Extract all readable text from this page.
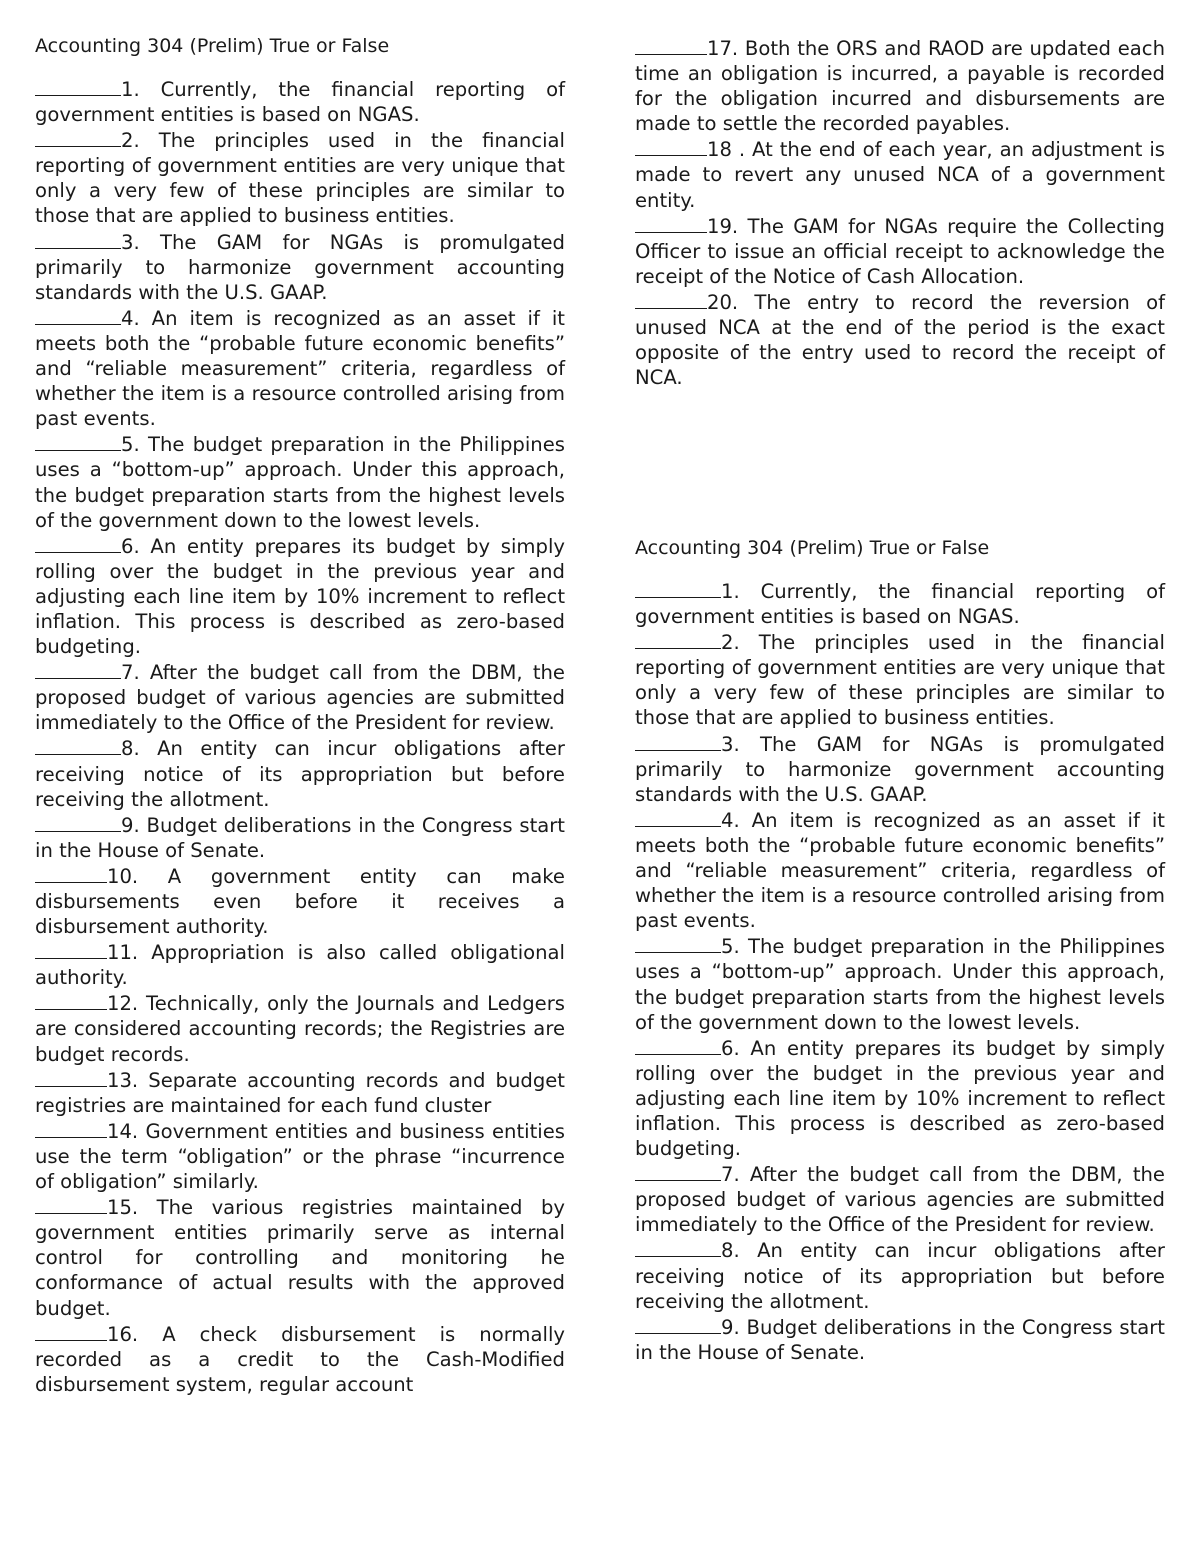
Accounting 304 (Prelim) True or False

1. Currently, the financial reporting of government entities is based on NGAS.

2. The principles used in the financial reporting of government entities are very unique that only a very few of these principles are similar to those that are applied to business entities.

3. The GAM for NGAs is promulgated primarily to harmonize government accounting standards with the U.S. GAAP.

4. An item is recognized as an asset if it meets both the “probable future economic benefits” and “reliable measurement” criteria, regardless of whether the item is a resource controlled arising from past events.

5. The budget preparation in the Philippines uses a “bottom-up” approach. Under this approach, the budget preparation starts from the highest levels of the government down to the lowest levels.

6. An entity prepares its budget by simply rolling over the budget in the previous year and adjusting each line item by 10% increment to reflect inflation. This process is described as zero-based budgeting.

7. After the budget call from the DBM, the proposed budget of various agencies are submitted immediately to the Office of the President for review.

8. An entity can incur obligations after receiving notice of its appropriation but before receiving the allotment.

9. Budget deliberations in the Congress start in the House of Senate.

10. A government entity can make disbursements even before it receives a disbursement authority.

11. Appropriation is also called obligational authority.

12. Technically, only the Journals and Ledgers are considered accounting records; the Registries are budget records.

13. Separate accounting records and budget registries are maintained for each fund cluster

14. Government entities and business entities use the term “obligation” or the phrase “incurrence of obligation” similarly.

15. The various registries maintained by government entities primarily serve as internal control for controlling and monitoring he conformance of actual results with the approved budget.

16. A check disbursement is normally recorded as a credit to the Cash-Modified disbursement system, regular account

17. Both the ORS and RAOD are updated each time an obligation is incurred, a payable is recorded for the obligation incurred and disbursements are made to settle the recorded payables.

18 . At the end of each year, an adjustment is made to revert any unused NCA of a government entity.

19. The GAM for NGAs require the Collecting Officer to issue an official receipt to acknowledge the receipt of the Notice of Cash Allocation.

20. The entry to record the reversion of unused NCA at the end of the period is the exact opposite of the entry used to record the receipt of NCA.

Accounting 304 (Prelim) True or False

1. Currently, the financial reporting of government entities is based on NGAS.

2. The principles used in the financial reporting of government entities are very unique that only a very few of these principles are similar to those that are applied to business entities.

3. The GAM for NGAs is promulgated primarily to harmonize government accounting standards with the U.S. GAAP.

4. An item is recognized as an asset if it meets both the “probable future economic benefits” and “reliable measurement” criteria, regardless of whether the item is a resource controlled arising from past events.

5. The budget preparation in the Philippines uses a “bottom-up” approach. Under this approach, the budget preparation starts from the highest levels of the government down to the lowest levels.

6. An entity prepares its budget by simply rolling over the budget in the previous year and adjusting each line item by 10% increment to reflect inflation. This process is described as zero-based budgeting.

7. After the budget call from the DBM, the proposed budget of various agencies are submitted immediately to the Office of the President for review.

8. An entity can incur obligations after receiving notice of its appropriation but before receiving the allotment.

9. Budget deliberations in the Congress start in the House of Senate.
